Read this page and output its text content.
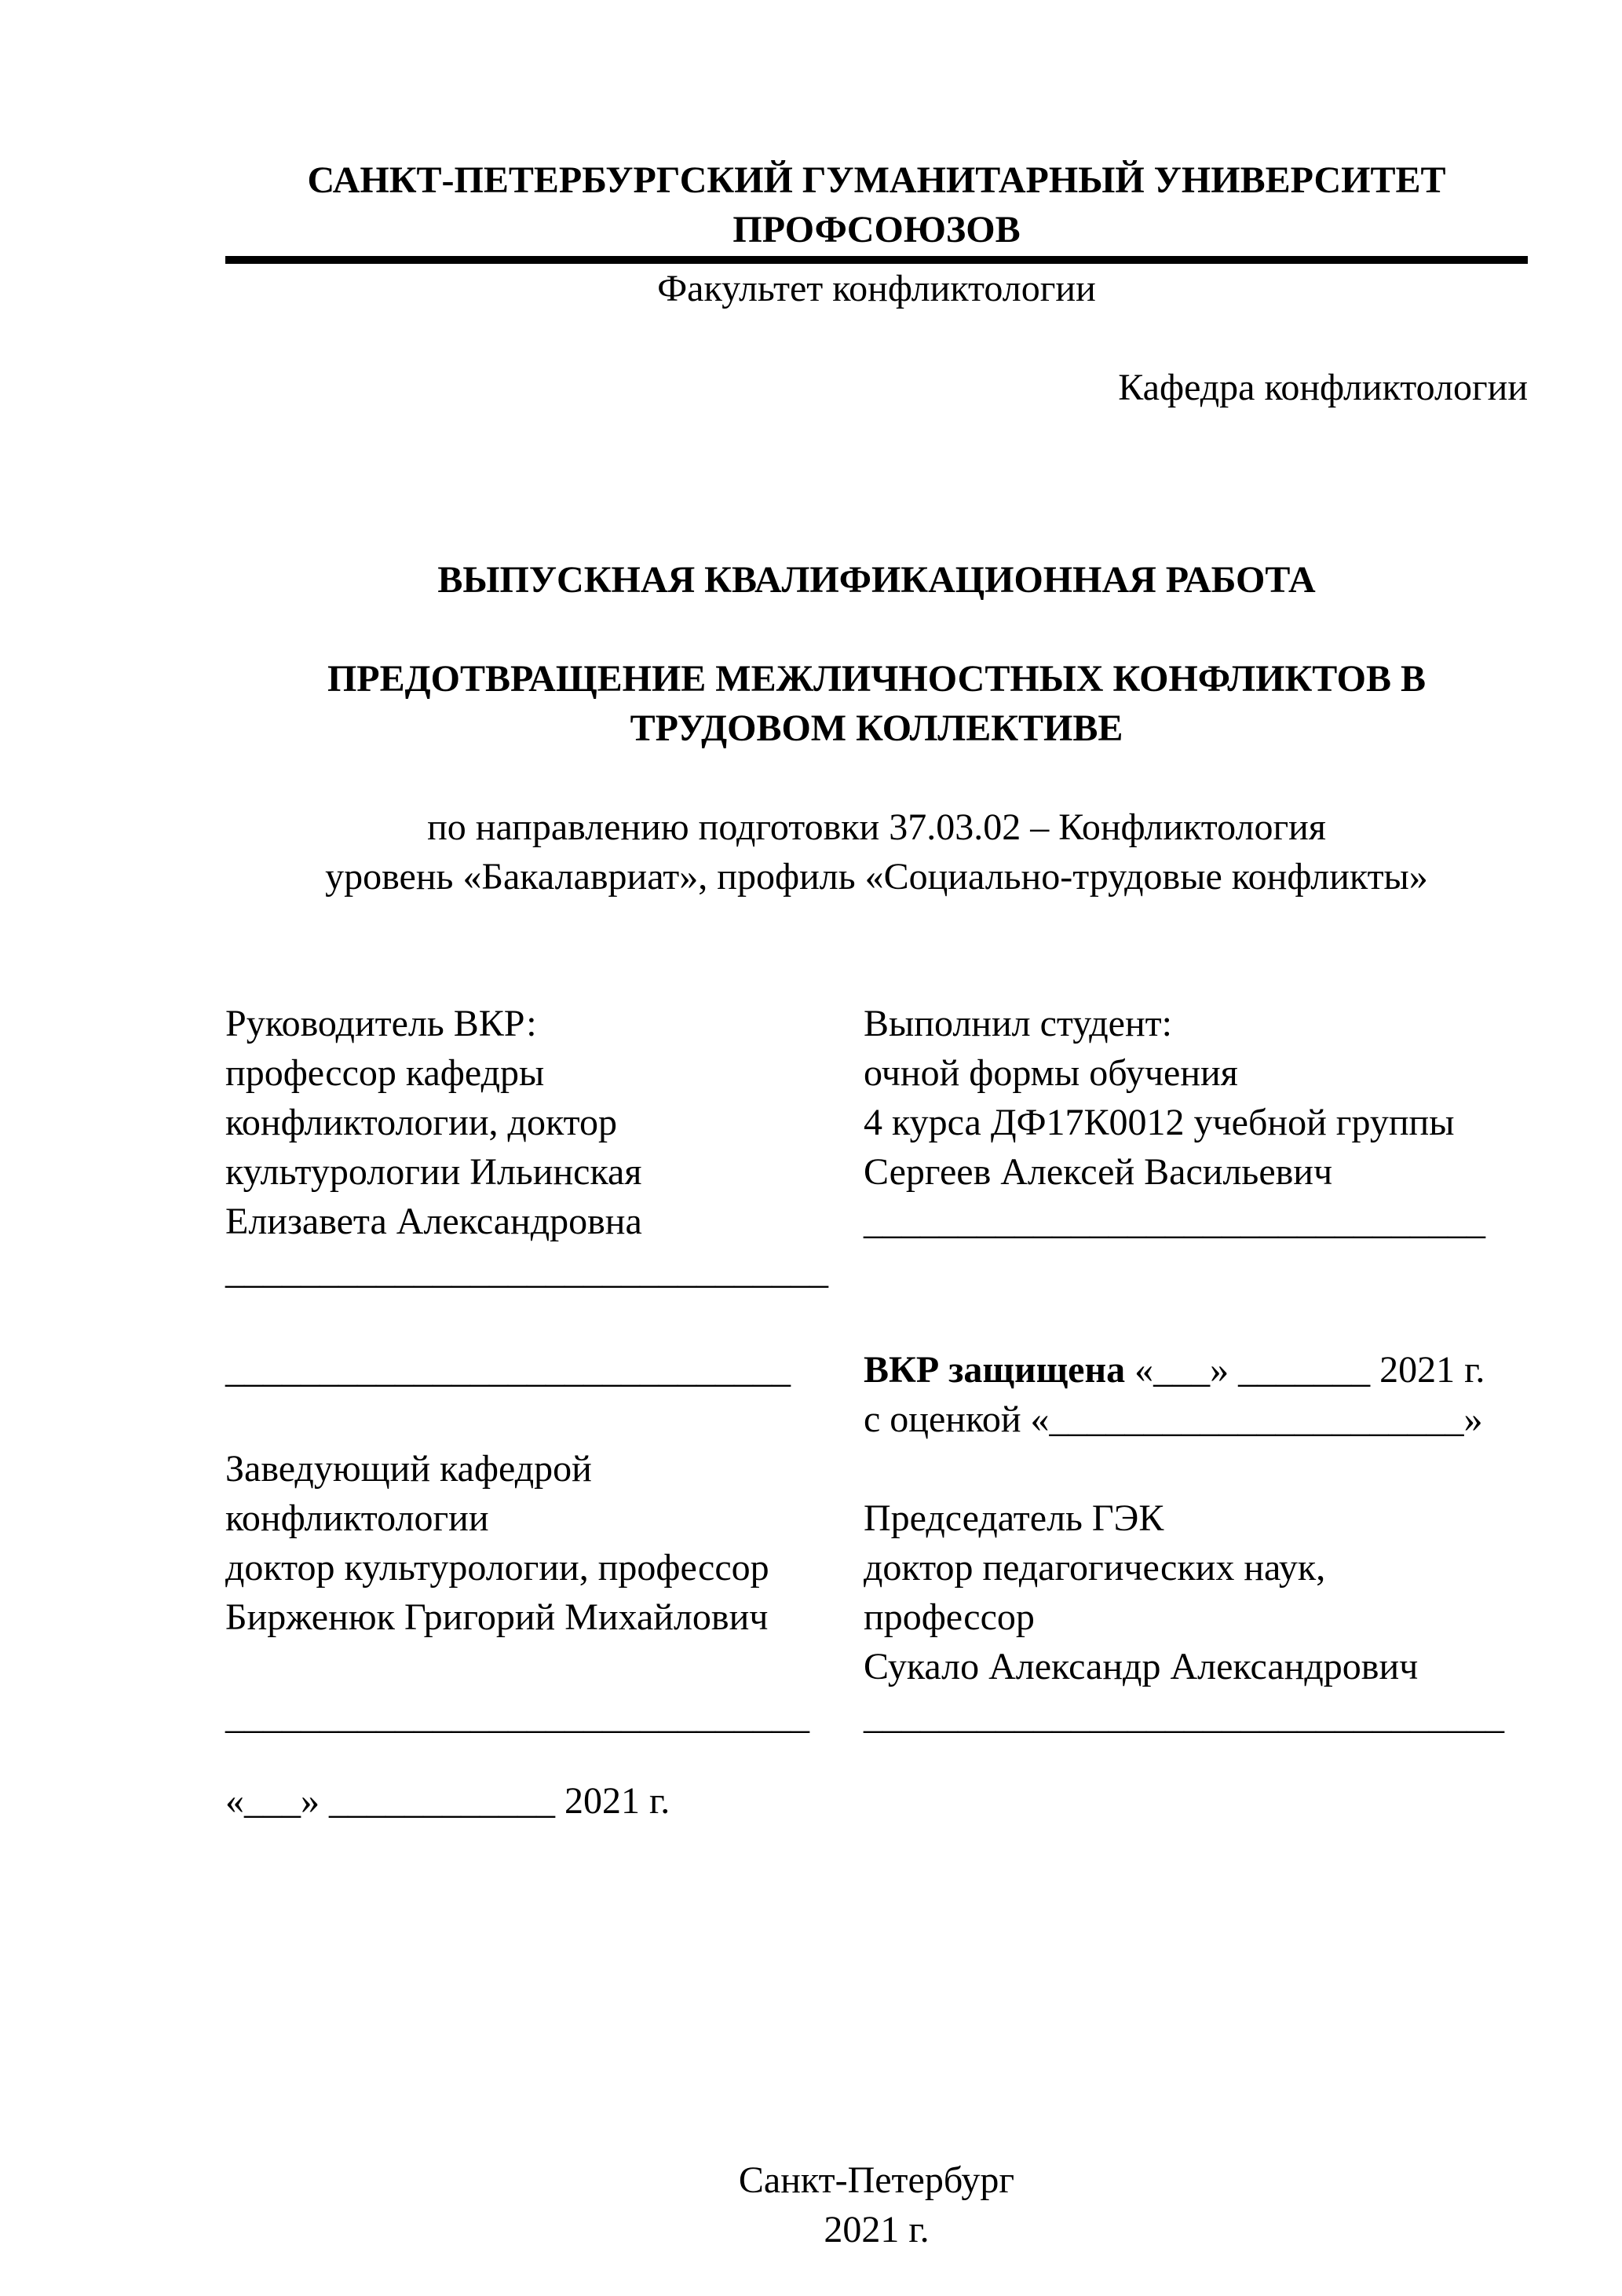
САНКТ-ПЕТЕРБУРГСКИЙ ГУМАНИТАРНЫЙ УНИВЕРСИТЕТ
ПРОФСОЮЗОВ
Факультет конфликтологии
Кафедра конфликтологии
ВЫПУСКНАЯ КВАЛИФИКАЦИОННАЯ РАБОТА
ПРЕДОТВРАЩЕНИЕ МЕЖЛИЧНОСТНЫХ КОНФЛИКТОВ В
ТРУДОВОМ КОЛЛЕКТИВЕ
по направлению подготовки 37.03.02 – Конфликтология
уровень «Бакалавриат», профиль «Социально-трудовые конфликты»
Руководитель ВКР:
профессор кафедры
конфликтологии, доктор
культурологии Ильинская
Елизавета Александровна
________________________________
______________________________
Заведующий кафедрой
конфликтологии
доктор культурологии, профессор
Бирженюк Григорий Михайлович
_______________________________
«___» ____________ 2021 г.
Выполнил студент:
очной формы обучения
4 курса ДФ17К0012 учебной группы
Сергеев Алексей Васильевич
_________________________________
ВКР защищена «___» _______ 2021 г.
с оценкой «______________________»
Председатель ГЭК
доктор педагогических наук,
профессор
Сукало Александр Александрович
__________________________________
Санкт-Петербург
2021 г.
